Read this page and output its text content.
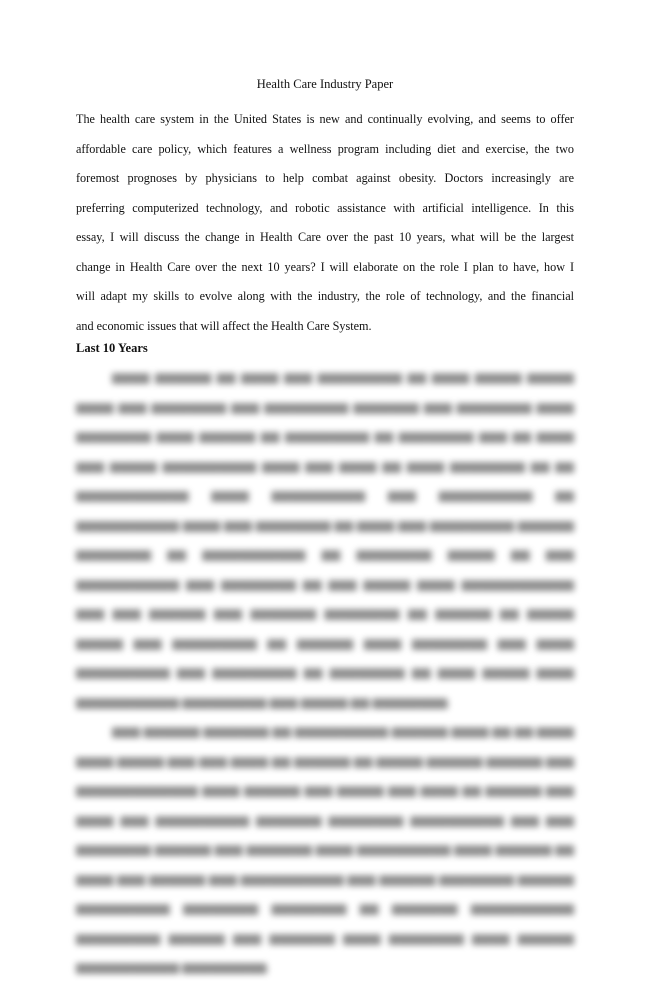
Health Care Industry Paper
The health care system in the United States is new and continually evolving, and seems to offer
affordable care policy, which features a wellness program including diet and exercise, the two
foremost prognoses by physicians to help combat against obesity. Doctors increasingly are
preferring computerized technology, and robotic assistance with artificial intelligence. In this
essay, I will discuss the change in Health Care over the past 10 years, what will be the largest
change in Health Care over the next 10 years? I will elaborate on the role I plan to have, how I
will adapt my skills to evolve along with the industry, the role of technology, and the financial
and economic issues that will affect the Health Care System.
Last 10 Years

▆▆▆▆ ▆▆▆▆▆▆ ▆▆ ▆▆▆▆ ▆▆▆ ▆▆▆▆▆▆▆▆▆ ▆▆ ▆▆▆▆ ▆▆▆▆▆ ▆▆▆▆▆ ▆▆▆▆ ▆▆▆ ▆▆▆▆▆▆▆▆ ▆▆▆ ▆▆▆▆▆▆▆▆▆ ▆▆▆▆▆▆▆ ▆▆▆ ▆▆▆▆▆▆▆▆ ▆▆▆▆ ▆▆▆▆▆▆▆▆ ▆▆▆▆ ▆▆▆▆▆▆ ▆▆ ▆▆▆▆▆▆▆▆▆ ▆▆ ▆▆▆▆▆▆▆▆ ▆▆▆ ▆▆ ▆▆▆▆ ▆▆▆ ▆▆▆▆▆ ▆▆▆▆▆▆▆▆▆▆ ▆▆▆▆ ▆▆▆ ▆▆▆▆ ▆▆ ▆▆▆▆ ▆▆▆▆▆▆▆▆ ▆▆ ▆▆ ▆▆▆▆▆▆▆▆▆▆▆▆ ▆▆▆▆ ▆▆▆▆▆▆▆▆▆▆ ▆▆▆ ▆▆▆▆▆▆▆▆▆▆ ▆▆ ▆▆▆▆▆▆▆▆▆▆▆ ▆▆▆▆ ▆▆▆ ▆▆▆▆▆▆▆▆ ▆▆ ▆▆▆▆ ▆▆▆ ▆▆▆▆▆▆▆▆▆ ▆▆▆▆▆▆ ▆▆▆▆▆▆▆▆ ▆▆ ▆▆▆▆▆▆▆▆▆▆▆ ▆▆ ▆▆▆▆▆▆▆▆ ▆▆▆▆▆ ▆▆ ▆▆▆ ▆▆▆▆▆▆▆▆▆▆▆ ▆▆▆ ▆▆▆▆▆▆▆▆ ▆▆ ▆▆▆ ▆▆▆▆▆ ▆▆▆▆ ▆▆▆▆▆▆▆▆▆▆▆▆ ▆▆▆ ▆▆▆ ▆▆▆▆▆▆ ▆▆▆ ▆▆▆▆▆▆▆ ▆▆▆▆▆▆▆▆ ▆▆ ▆▆▆▆▆▆ ▆▆ ▆▆▆▆▆ ▆▆▆▆▆ ▆▆▆ ▆▆▆▆▆▆▆▆▆ ▆▆ ▆▆▆▆▆▆ ▆▆▆▆ ▆▆▆▆▆▆▆▆ ▆▆▆ ▆▆▆▆ ▆▆▆▆▆▆▆▆▆▆ ▆▆▆ ▆▆▆▆▆▆▆▆▆ ▆▆ ▆▆▆▆▆▆▆▆ ▆▆ ▆▆▆▆ ▆▆▆▆▆ ▆▆▆▆ ▆▆▆▆▆▆▆▆▆▆▆ ▆▆▆▆▆▆▆▆▆ ▆▆▆ ▆▆▆▆▆ ▆▆ ▆▆▆▆▆▆▆▆.

▆▆▆ ▆▆▆▆▆▆ ▆▆▆▆▆▆▆ ▆▆ ▆▆▆▆▆▆▆▆▆▆ ▆▆▆▆▆▆ ▆▆▆▆ ▆▆ ▆▆ ▆▆▆▆ ▆▆▆▆ ▆▆▆▆▆ ▆▆▆ ▆▆▆ ▆▆▆▆ ▆▆ ▆▆▆▆▆▆ ▆▆ ▆▆▆▆▆ ▆▆▆▆▆▆ ▆▆▆▆▆▆ ▆▆▆ ▆▆▆▆▆▆▆▆▆▆▆▆▆ ▆▆▆▆ ▆▆▆▆▆▆ ▆▆▆ ▆▆▆▆▆ ▆▆▆ ▆▆▆▆ ▆▆ ▆▆▆▆▆▆ ▆▆▆ ▆▆▆▆ ▆▆▆ ▆▆▆▆▆▆▆▆▆▆ ▆▆▆▆▆▆▆ ▆▆▆▆▆▆▆▆ ▆▆▆▆▆▆▆▆▆▆ ▆▆▆ ▆▆▆ ▆▆▆▆▆▆▆▆ ▆▆▆▆▆▆ ▆▆▆ ▆▆▆▆▆▆▆ ▆▆▆▆ ▆▆▆▆▆▆▆▆▆▆ ▆▆▆▆ ▆▆▆▆▆▆ ▆▆ ▆▆▆▆ ▆▆▆ ▆▆▆▆▆▆ ▆▆▆ ▆▆▆▆▆▆▆▆▆▆▆ ▆▆▆ ▆▆▆▆▆▆ ▆▆▆▆▆▆▆▆ ▆▆▆▆▆▆ ▆▆▆▆▆▆▆▆▆▆ ▆▆▆▆▆▆▆▆ ▆▆▆▆▆▆▆▆ ▆▆ ▆▆▆▆▆▆▆ ▆▆▆▆▆▆▆▆▆▆▆ ▆▆▆▆▆▆▆▆▆ ▆▆▆▆▆▆ ▆▆▆ ▆▆▆▆▆▆▆ ▆▆▆▆ ▆▆▆▆▆▆▆▆ ▆▆▆▆ ▆▆▆▆▆▆ ▆▆▆▆▆▆▆▆▆▆▆ ▆▆▆▆▆▆▆▆▆.
